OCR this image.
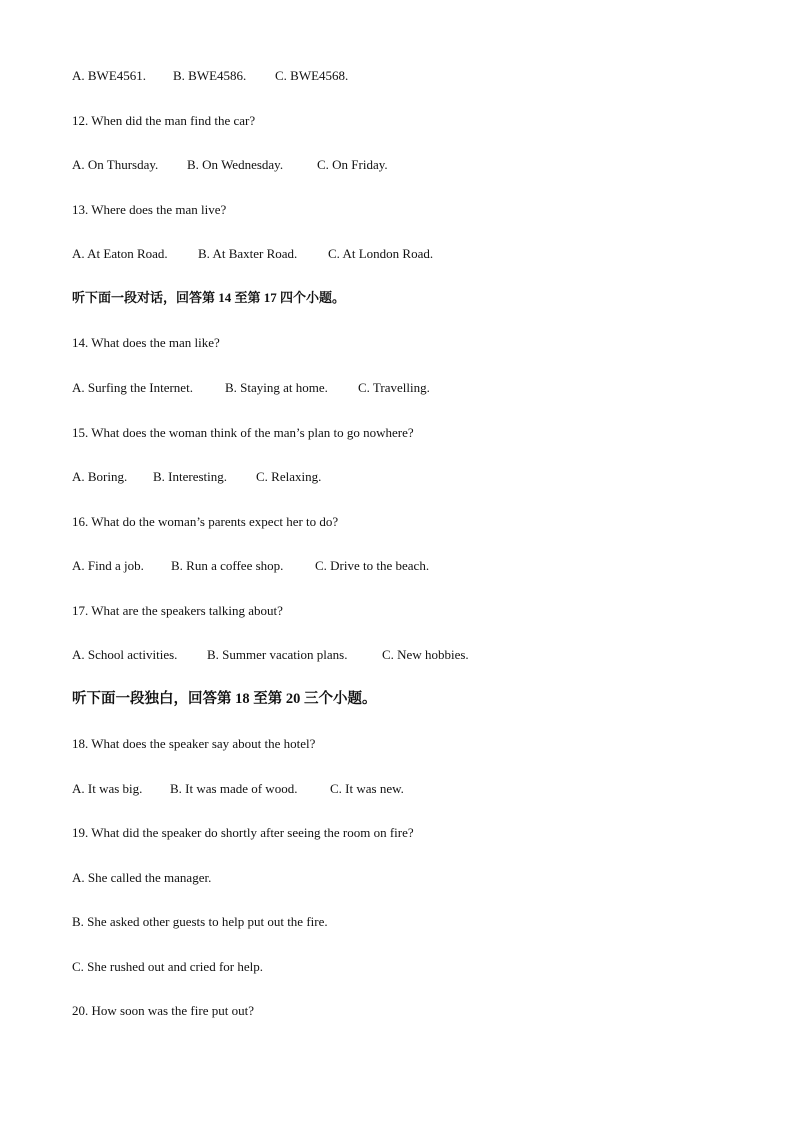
A. BWE4561. B. BWE4586. C. BWE4568.
12. When did the man find the car?
A. On Thursday. B. On Wednesday.	C. On Friday.
13. Where does the man live?
A. At Eaton Road. B. At Baxter Road. C. At London Road.
听下面一段对话，回答第 14 至第 17 四个小题。
14. What does the man like?
A. Surfing the Internet. B. Staying at home. C. Travelling.
15. What does the woman think of the man’s plan to go nowhere?
A. Boring. B. Interesting. C. Relaxing.
16. What do the woman’s parents expect her to do?
A. Find a job. B. Run a coffee shop. C. Drive to the beach.
17. What are the speakers talking about?
A. School activities. B. Summer vacation plans.	C. New hobbies.
听下面一段独白，回答第 18 至第 20 三个小题。
18. What does the speaker say about the hotel?
A. It was big. B. It was made of wood.	C. It was new.
19. What did the speaker do shortly after seeing the room on fire?
A. She called the manager.
B. She asked other guests to help put out the fire.
C. She rushed out and cried for help.
20. How soon was the fire put out?
